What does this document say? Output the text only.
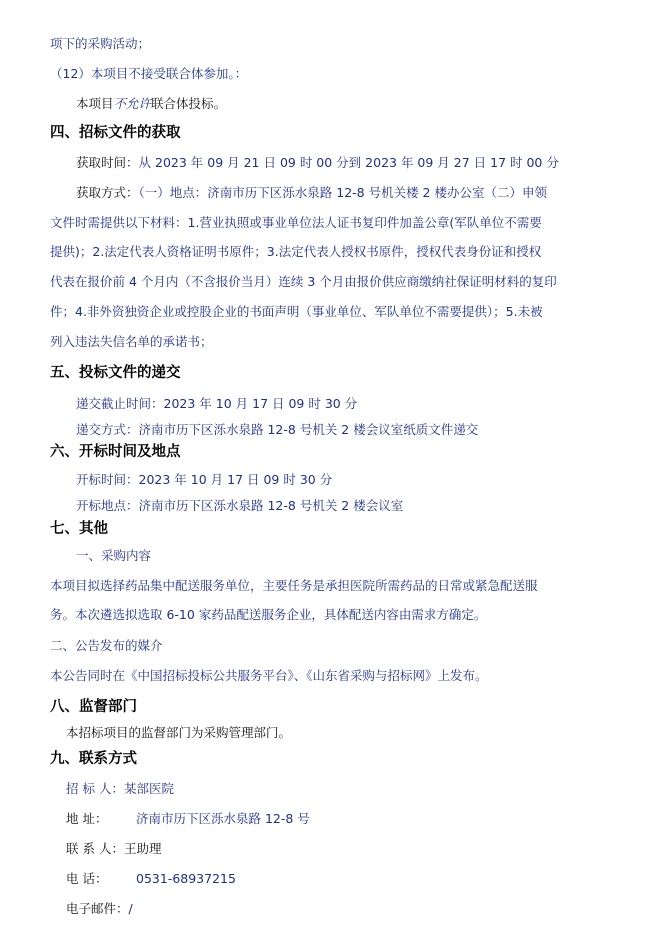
项下的采购活动；
（12）本项目不接受联合体参加。：
本项目不允许联合体投标。
四、招标文件的获取
获取时间：从 2023 年 09 月 21 日 09 时 00 分到 2023 年 09 月 27 日 17 时 00 分
获取方式：（一）地点：济南市历下区泺水泉路 12-8 号机关楼 2 楼办公室（二）申领
文件时需提供以下材料：1.营业执照或事业单位法人证书复印件加盖公章(军队单位不需要
提供)；2.法定代表人资格证明书原件；3.法定代表人授权书原件，授权代表身份证和授权
代表在报价前 4 个月内（不含报价当月）连续 3 个月由报价供应商缴纳社保证明材料的复印
件；4.非外资独资企业或控股企业的书面声明（事业单位、军队单位不需要提供）；5.未被
列入违法失信名单的承诺书；
五、投标文件的递交
递交截止时间：2023 年 10 月 17 日 09 时 30 分
递交方式：济南市历下区泺水泉路 12-8 号机关 2 楼会议室纸质文件递交
六、开标时间及地点
开标时间：2023 年 10 月 17 日 09 时 30 分
开标地点：济南市历下区泺水泉路 12-8 号机关 2 楼会议室
七、其他
一、采购内容
本项目拟选择药品集中配送服务单位，主要任务是承担医院所需药品的日常或紧急配送服
务。本次遴选拟选取 6-10 家药品配送服务企业，具体配送内容由需求方确定。
二、公告发布的媒介
本公告同时在《中国招标投标公共服务平台》、《山东省采购与招标网》上发布。
八、监督部门
本招标项目的监督部门为采购管理部门。
九、联系方式
招 标 人：某部医院
地 址： 济南市历下区泺水泉路 12-8 号
联 系 人：王助理
电 话： 0531-68937215
电子邮件：/
